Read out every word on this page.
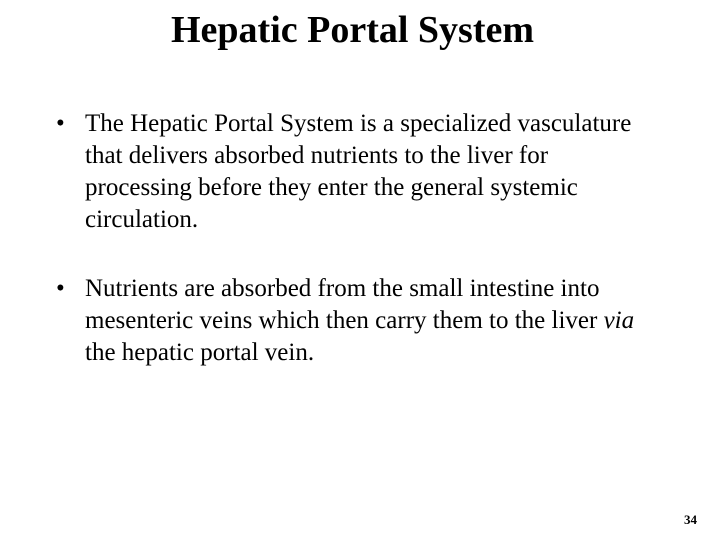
Hepatic Portal System
• The Hepatic Portal System is a specialized vasculature that delivers absorbed nutrients to the liver for processing before they enter the general systemic circulation.
• Nutrients are absorbed from the small intestine into mesenteric veins which then carry them to the liver via the hepatic portal vein.
34
